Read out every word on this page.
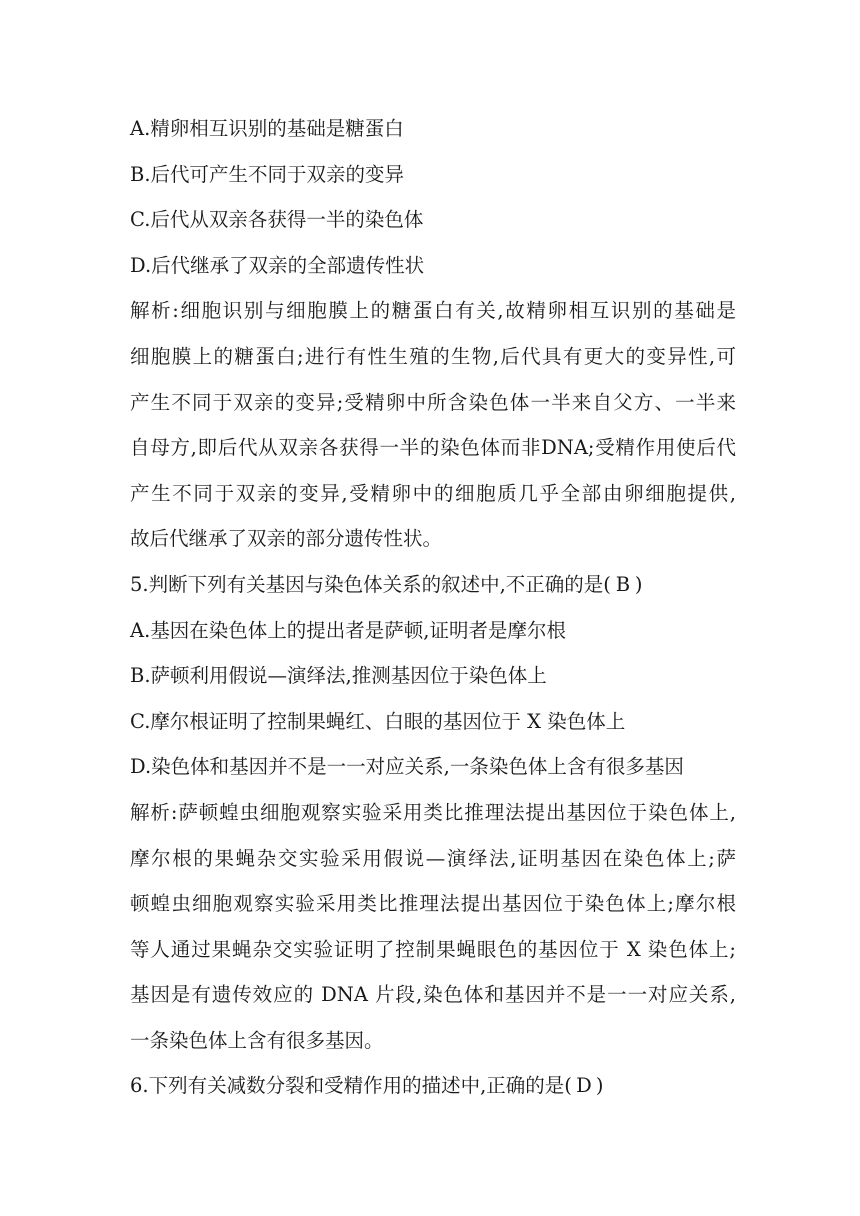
A.精卵相互识别的基础是糖蛋白
B.后代可产生不同于双亲的变异
C.后代从双亲各获得一半的染色体
D.后代继承了双亲的全部遗传性状
解析:细胞识别与细胞膜上的糖蛋白有关,故精卵相互识别的基础是
细胞膜上的糖蛋白;进行有性生殖的生物,后代具有更大的变异性,可
产生不同于双亲的变异;受精卵中所含染色体一半来自父方、一半来
自母方,即后代从双亲各获得一半的染色体而非DNA;受精作用使后代
产生不同于双亲的变异,受精卵中的细胞质几乎全部由卵细胞提供,
故后代继承了双亲的部分遗传性状。
5.判断下列有关基因与染色体关系的叙述中,不正确的是( B )
A.基因在染色体上的提出者是萨顿,证明者是摩尔根
B.萨顿利用假说—演绎法,推测基因位于染色体上
C.摩尔根证明了控制果蝇红、白眼的基因位于 X 染色体上
D.染色体和基因并不是一一对应关系,一条染色体上含有很多基因
解析:萨顿蝗虫细胞观察实验采用类比推理法提出基因位于染色体上,
摩尔根的果蝇杂交实验采用假说—演绎法,证明基因在染色体上;萨
顿蝗虫细胞观察实验采用类比推理法提出基因位于染色体上;摩尔根
等人通过果蝇杂交实验证明了控制果蝇眼色的基因位于 X 染色体上;
基因是有遗传效应的 DNA 片段,染色体和基因并不是一一对应关系,
一条染色体上含有很多基因。
6.下列有关减数分裂和受精作用的描述中,正确的是( D )
